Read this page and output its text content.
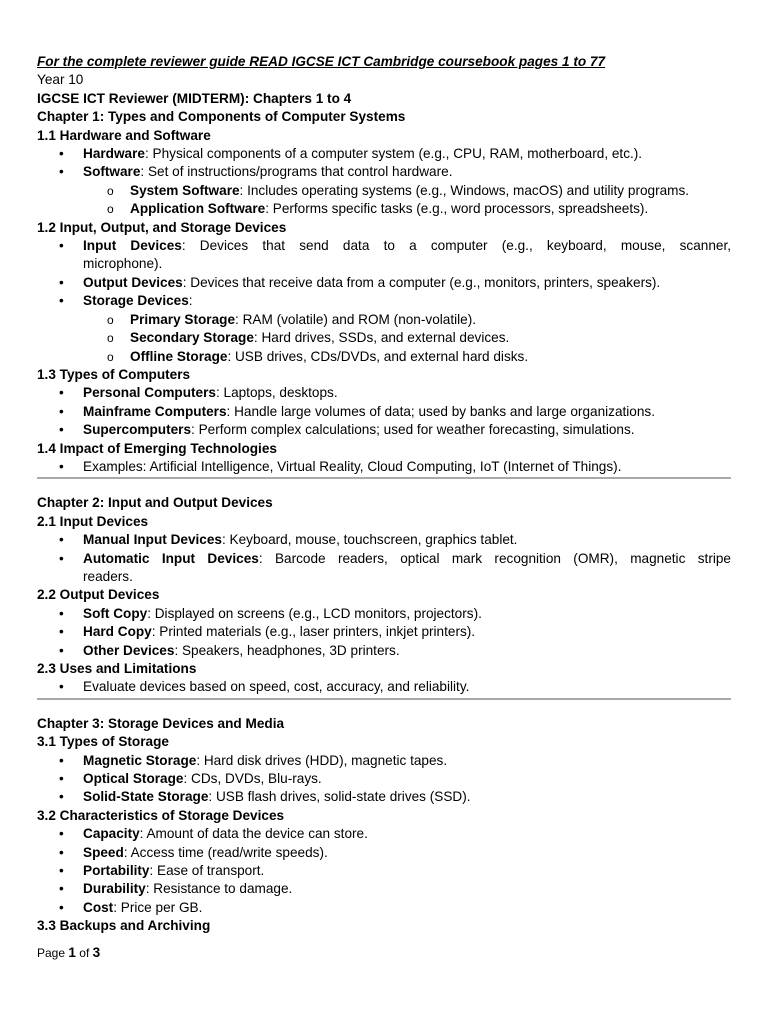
For the complete reviewer guide READ IGCSE ICT Cambridge coursebook pages 1 to 77
Year 10
IGCSE ICT Reviewer (MIDTERM): Chapters 1 to 4
Chapter 1: Types and Components of Computer Systems
1.1 Hardware and Software
• Hardware: Physical components of a computer system (e.g., CPU, RAM, motherboard, etc.).
• Software: Set of instructions/programs that control hardware.
o System Software: Includes operating systems (e.g., Windows, macOS) and utility programs.
o Application Software: Performs specific tasks (e.g., word processors, spreadsheets).
1.2 Input, Output, and Storage Devices
• Input Devices: Devices that send data to a computer (e.g., keyboard, mouse, scanner,
microphone).
• Output Devices: Devices that receive data from a computer (e.g., monitors, printers, speakers).
• Storage Devices:
o Primary Storage: RAM (volatile) and ROM (non-volatile).
o Secondary Storage: Hard drives, SSDs, and external devices.
o Offline Storage: USB drives, CDs/DVDs, and external hard disks.
1.3 Types of Computers
• Personal Computers: Laptops, desktops.
• Mainframe Computers: Handle large volumes of data; used by banks and large organizations.
• Supercomputers: Perform complex calculations; used for weather forecasting, simulations.
1.4 Impact of Emerging Technologies
• Examples: Artificial Intelligence, Virtual Reality, Cloud Computing, IoT (Internet of Things).
Chapter 2: Input and Output Devices
2.1 Input Devices
• Manual Input Devices: Keyboard, mouse, touchscreen, graphics tablet.
• Automatic Input Devices: Barcode readers, optical mark recognition (OMR), magnetic stripe
readers.
2.2 Output Devices
• Soft Copy: Displayed on screens (e.g., LCD monitors, projectors).
• Hard Copy: Printed materials (e.g., laser printers, inkjet printers).
• Other Devices: Speakers, headphones, 3D printers.
2.3 Uses and Limitations
• Evaluate devices based on speed, cost, accuracy, and reliability.
Chapter 3: Storage Devices and Media
3.1 Types of Storage
• Magnetic Storage: Hard disk drives (HDD), magnetic tapes.
• Optical Storage: CDs, DVDs, Blu-rays.
• Solid-State Storage: USB flash drives, solid-state drives (SSD).
3.2 Characteristics of Storage Devices
• Capacity: Amount of data the device can store.
• Speed: Access time (read/write speeds).
• Portability: Ease of transport.
• Durability: Resistance to damage.
• Cost: Price per GB.
3.3 Backups and Archiving
Page 1 of 3
